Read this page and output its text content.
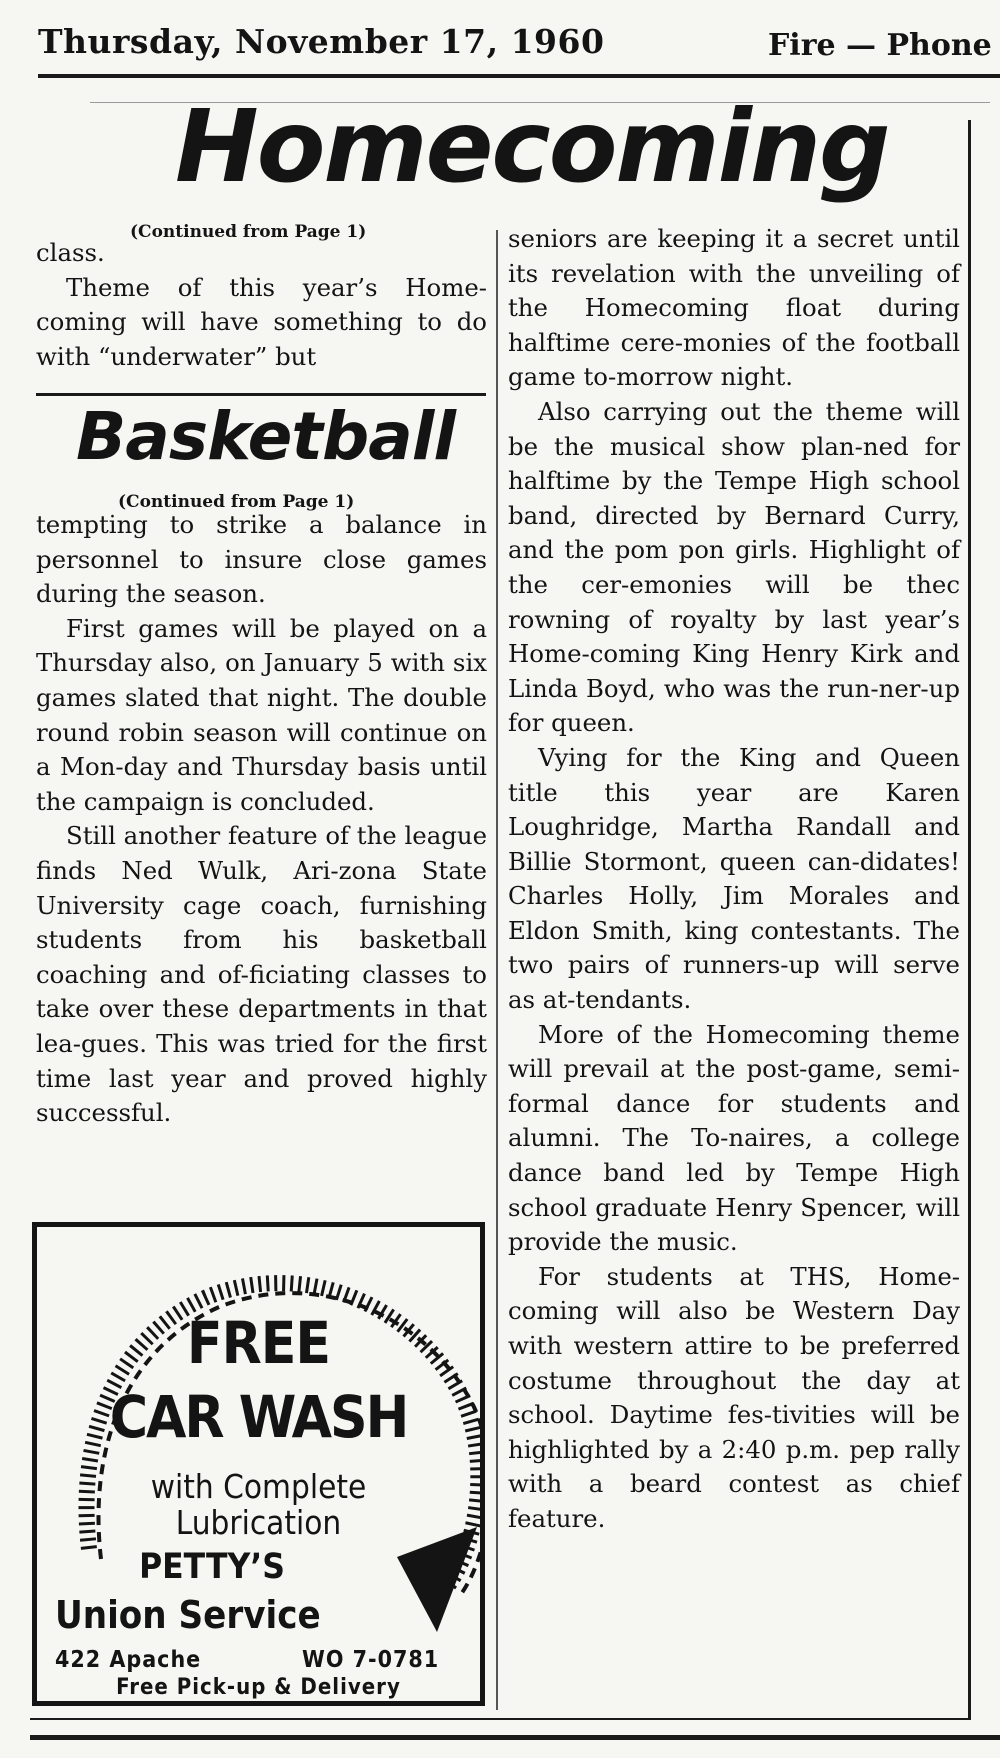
Thursday, November 17, 1960	Fire — Phone
Homecoming
(Continued from Page 1)

class.

Theme of this year’s Home-coming will have something to do with “underwater” but

Basketball
(Continued from Page 1)

tempting to strike a balance in personnel to insure close games during the season.

First games will be played on a Thursday also, on January 5 with six games slated that night. The double round robin season will continue on a Mon-day and Thursday basis until the campaign is concluded.

Still another feature of the league finds Ned Wulk, Ari-zona State University cage coach, furnishing students from his basketball coaching and of-ficiating classes to take over these departments in that lea-gues. This was tried for the first time last year and proved highly successful.

seniors are keeping it a secret until its revelation with the unveiling of the Homecoming float during halftime cere-monies of the football game to-morrow night.

Also carrying out the theme will be the musical show plan-ned for halftime by the Tempe High school band, directed by Bernard Curry, and the pom pon girls. Highlight of the cer-emonies will be thec rowning of royalty by last year’s Home-coming King Henry Kirk and Linda Boyd, who was the run-ner-up for queen.

Vying for the King and Queen title this year are Karen Loughridge, Martha Randall and Billie Stormont, queen can-didates! Charles Holly, Jim Morales and Eldon Smith, king contestants. The two pairs of runners-up will serve as at-tendants.

More of the Homecoming theme will prevail at the post-game, semi-formal dance for students and alumni. The To-naires, a college dance band led by Tempe High school graduate Henry Spencer, will provide the music.

For students at THS, Home-coming will also be Western Day with western attire to be preferred costume throughout the day at school. Daytime fes-tivities will be highlighted by a 2:40 p.m. pep rally with a beard contest as chief feature.

FREE
CAR WASH
with Complete
Lubrication
PETTY’S
Union Service
422 Apache	WO 7-0781
Free Pick-up & Delivery
